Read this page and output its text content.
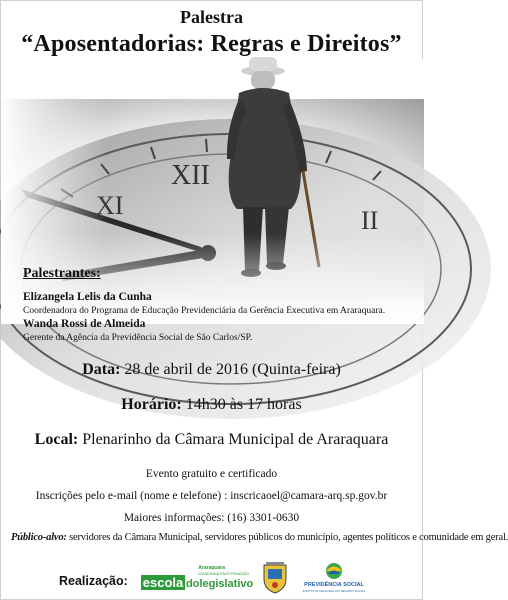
Palestra
“Aposentadorias: Regras e Direitos”
Palestrantes:
Elizangela Lelis da Cunha
Coordenadora do Programa de Educação Previdenciária da Gerência Executiva em Araraquara.
Wanda Rossi de Almeida
Gerente da Agência da Previdência Social de São Carlos/SP.
Data: 28 de abril de 2016 (Quinta-feira)
Horário: 14h30 às 17 horas
Local: Plenarinho da Câmara Municipal de Araraquara
Evento gratuito e certificado
Inscrições pelo e-mail (nome e telefone) : inscricaoel@camara-arq.sp.gov.br
Maiores informações: (16) 3301-0630
Público-alvo: servidores da Câmara Municipal, servidores públicos do município, agentes políticos e comunidade em geral.
Realização:
Araraquara
CIDADANIA EM EXPANSÃO
escola dolegislativo	PREVIDÊNCIA SOCIAL
INSTITUTO NACIONAL DO SEGURO SOCIAL
